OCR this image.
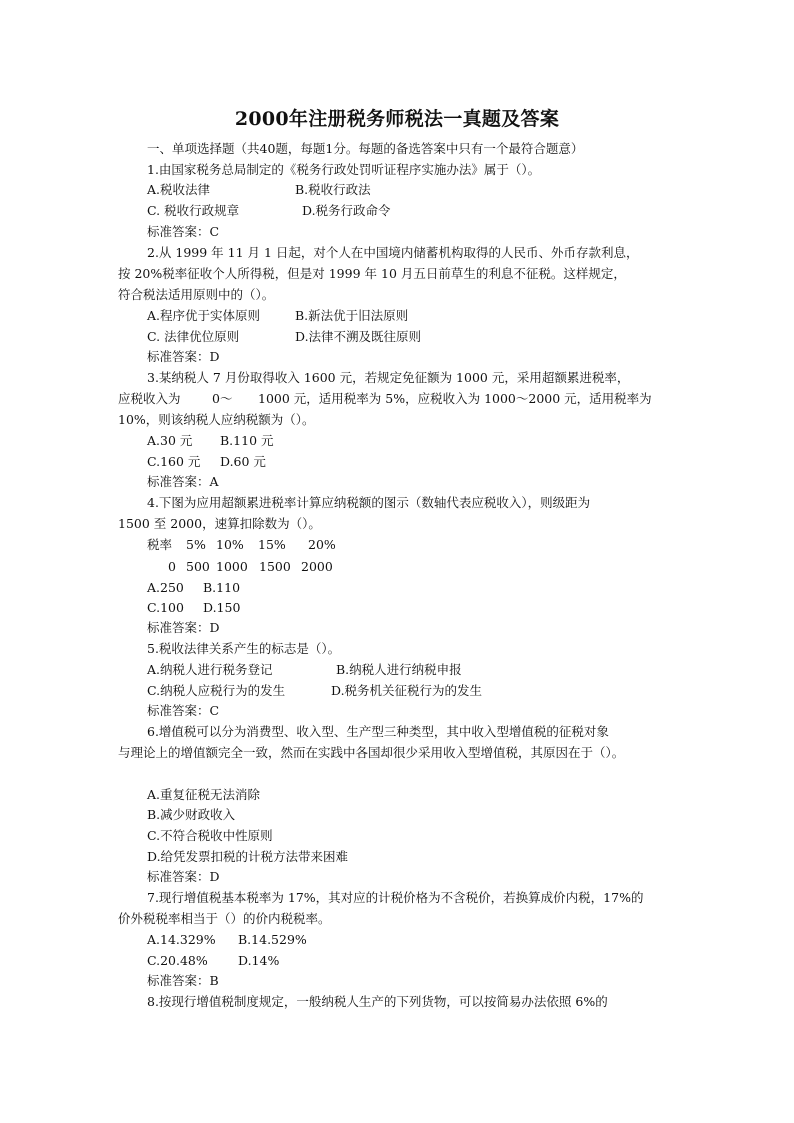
2000年注册税务师税法一真题及答案
一、单项选择题（共40题，每题1分。每题的备选答案中只有一个最符合题意）
1.由国家税务总局制定的《税务行政处罚听证程序实施办法》属于（）。
A.税收法律	B.税收行政法
C. 税收行政规章	D.税务行政命令
标准答案：C
2.从 1999 年 11 月 1 日起，对个人在中国境内储蓄机构取得的人民币、外币存款利息，
按 20%税率征收个人所得税，但是对 1999 年 10 月五日前草生的利息不征税。这样规定，
符合税法适用原则中的（）。
A.程序优于实体原则	B.新法优于旧法原则
C. 法律优位原则	D.法律不溯及既往原则
标准答案：D
3.某纳税人 7 月份取得收入 1600 元，若规定免征额为 1000 元，采用超额累进税率，
应税收入为	0～ 1000 元，适用税率为 5%，应税收入为 1000～2000 元，适用税率为
10%，则该纳税人应纳税额为（）。
A.30 元 B.110 元
C.160 元 D.60 元
标准答案：A
4.下图为应用超额累进税率计算应纳税额的图示（数轴代表应税收入），则级距为
1500 至 2000，速算扣除数为（）。
税率 5% 10% 15% 20%
0 500 1000 1500 2000
A.250 B.110
C.100 D.150
标准答案：D
5.税收法律关系产生的标志是（）。
A.纳税人进行税务登记	B.纳税人进行纳税申报
C.纳税人应税行为的发生	D.税务机关征税行为的发生
标准答案：C
6.增值税可以分为消费型、收入型、生产型三种类型，其中收入型增值税的征税对象
与理论上的增值额完全一致，然而在实践中各国却很少采用收入型增值税，其原因在于（）。
A.重复征税无法消除
B.减少财政收入
C.不符合税收中性原则
D.给凭发票扣税的计税方法带来困难
标准答案：D
7.现行增值税基本税率为 17%，其对应的计税价格为不含税价，若换算成价内税，17%的
价外税税率相当于（）的价内税税率。
A.14.329% B.14.529%
C.20.48% D.14%
标准答案：B
8.按现行增值税制度规定，一般纳税人生产的下列货物，可以按简易办法依照 6%的
